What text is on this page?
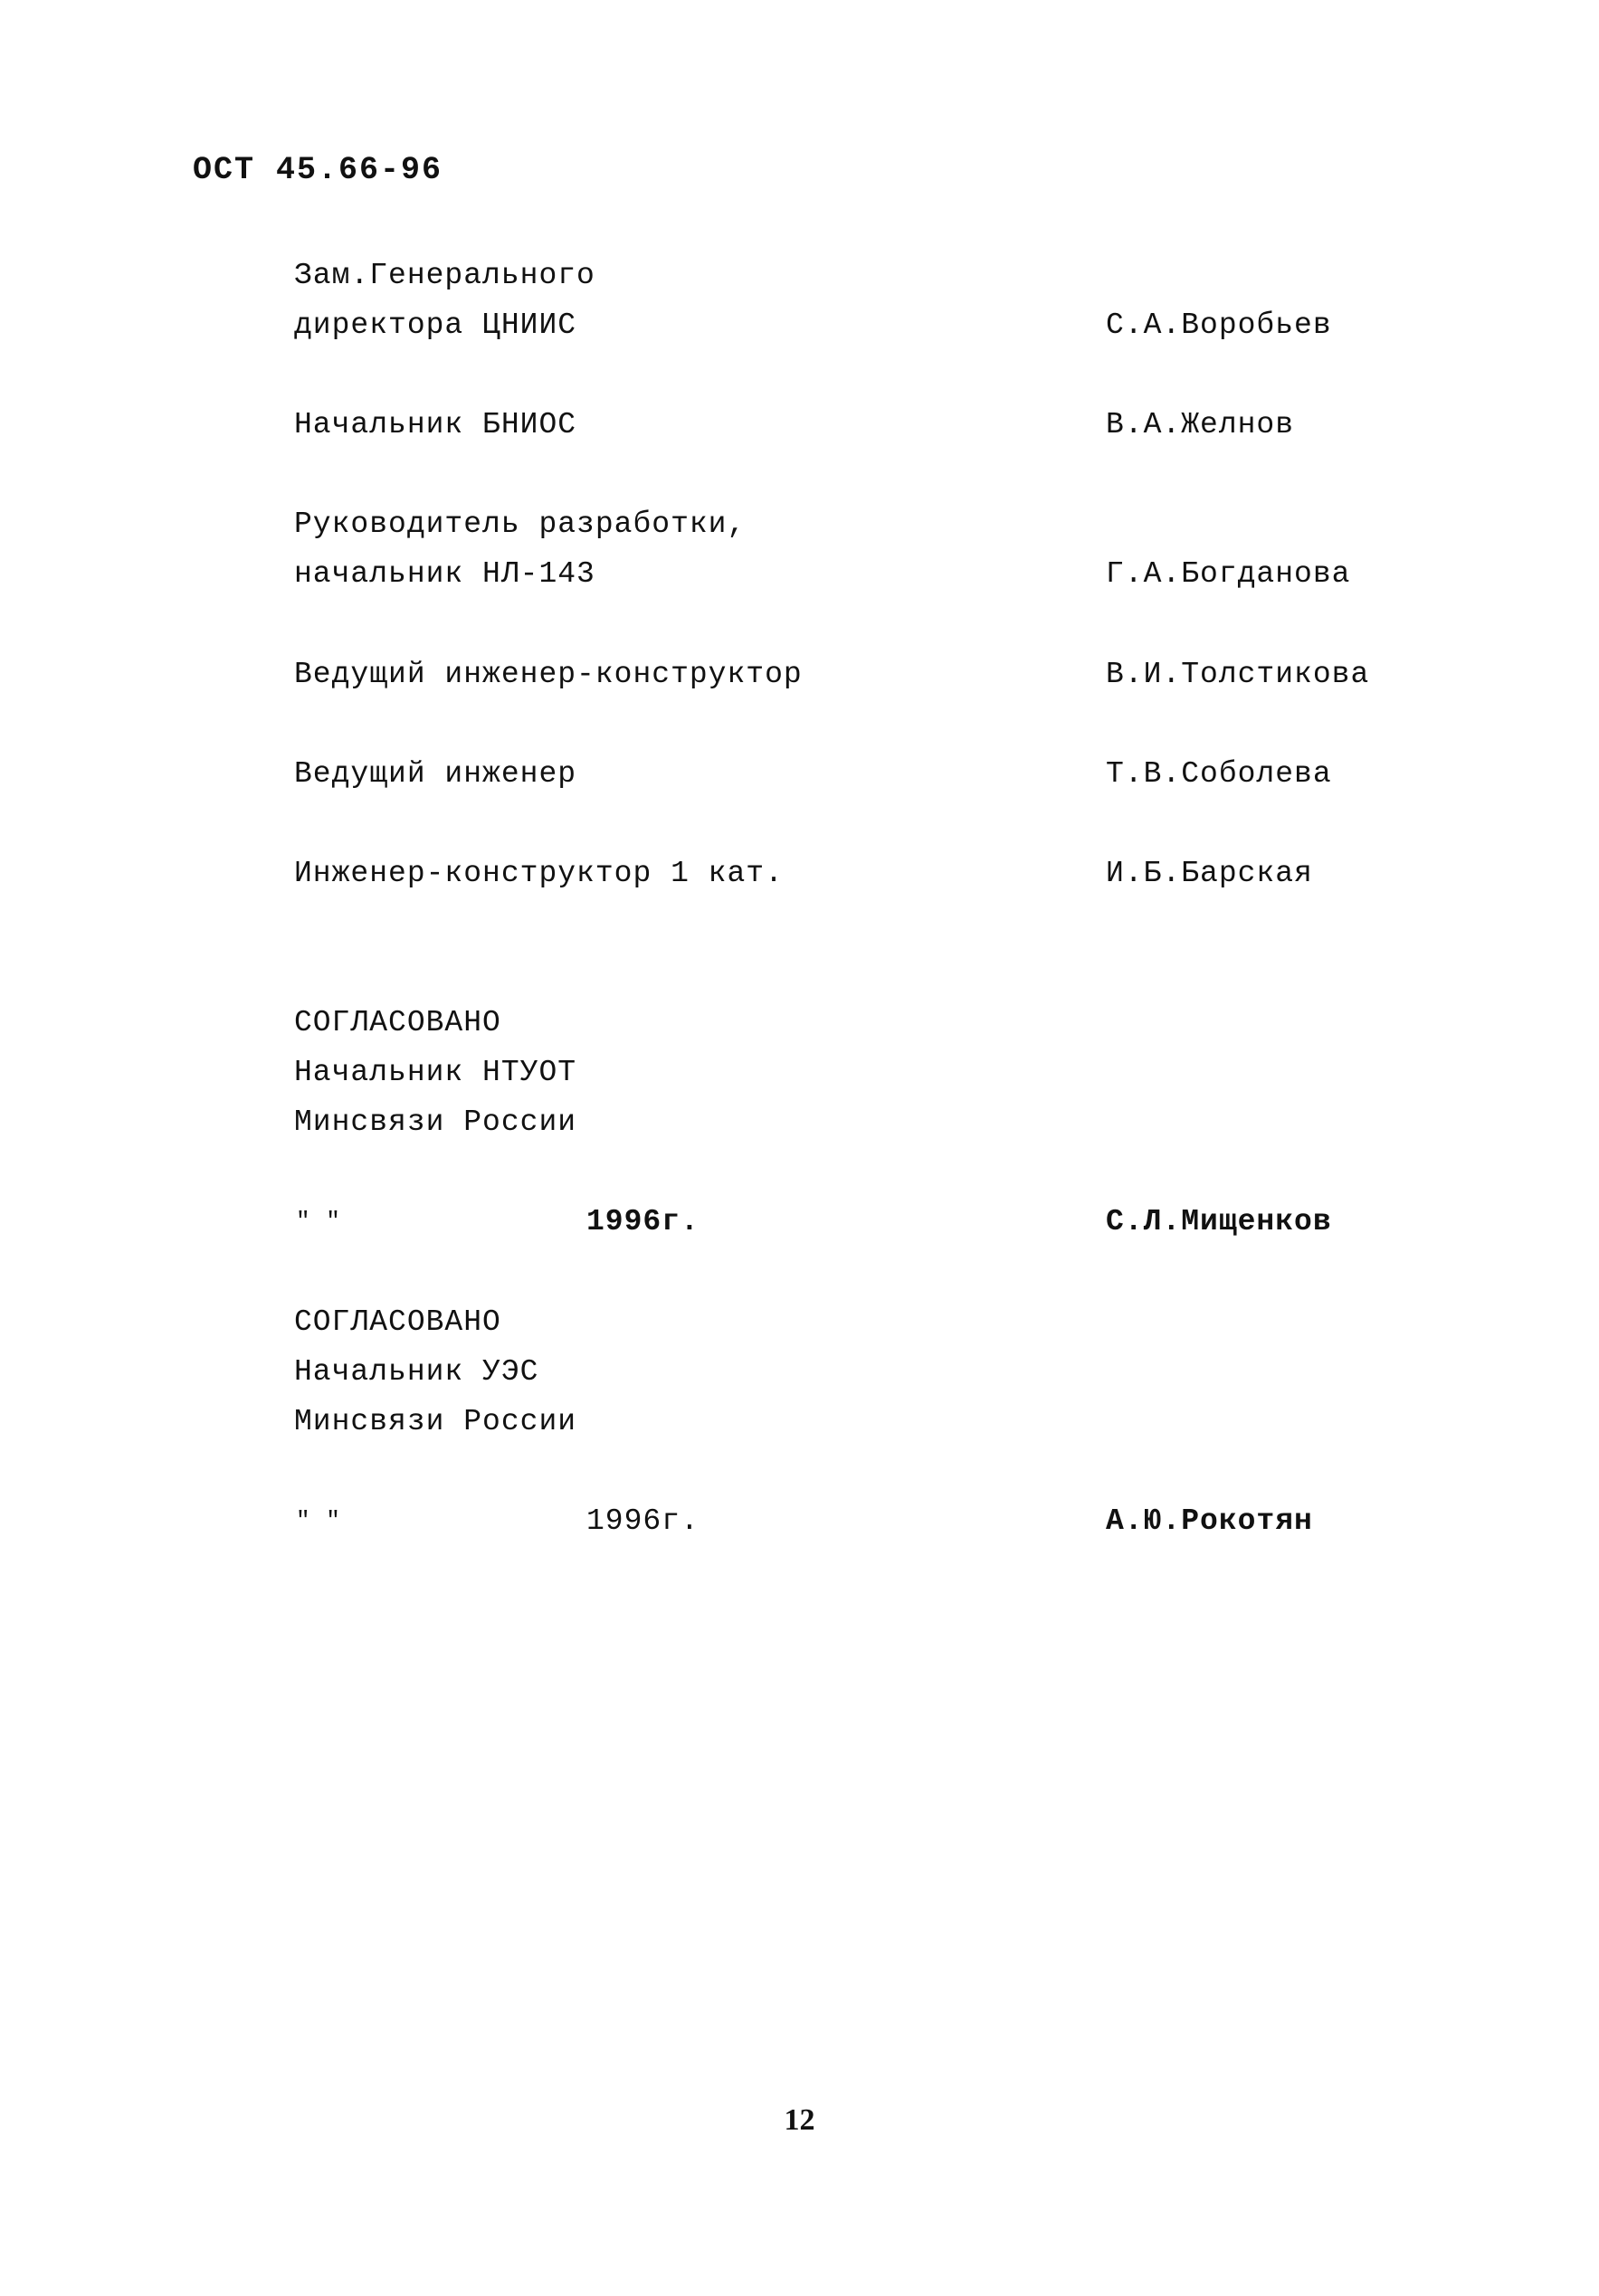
ОСТ 45.66-96
Зам.Генерального
директора ЦНИИС	С.А.Воробьев
Начальник БНИОС	В.А.Желнов
Руководитель разработки,
начальник НЛ-143	Г.А.Богданова
Ведущий инженер-конструктор	В.И.Толстикова
Ведущий инженер	Т.В.Соболева
Инженер-конструктор 1 кат.	И.Б.Барская
СОГЛАСОВАНО
Начальник НТУОТ
Минсвязи России
" "	1996г.	С.Л.Мищенков
СОГЛАСОВАНО
Начальник УЭС
Минсвязи России
" "	1996г.	А.Ю.Рокотян
12
